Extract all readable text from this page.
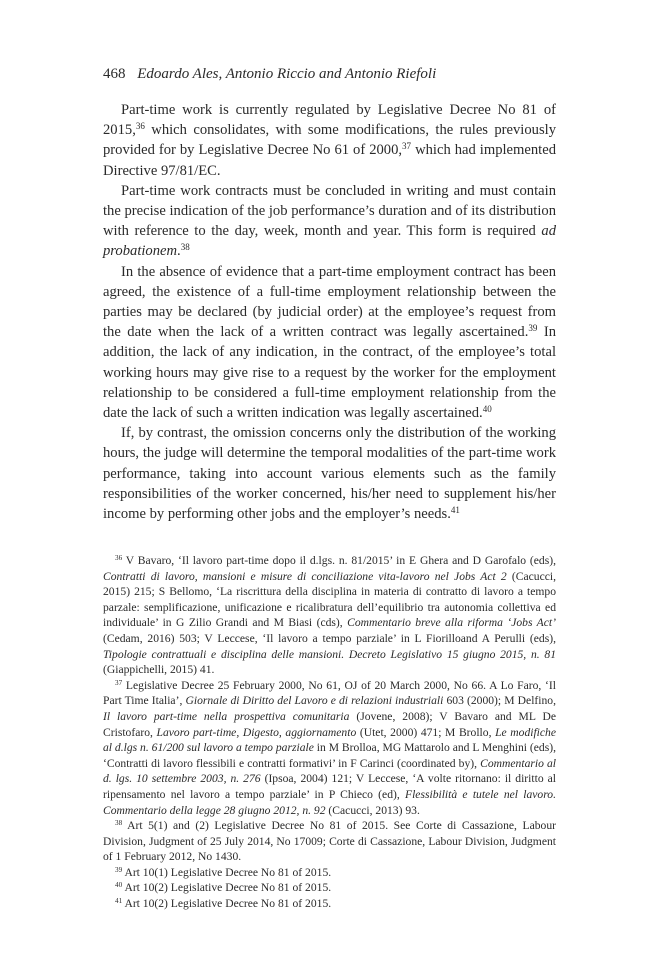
468 Edoardo Ales, Antonio Riccio and Antonio Riefoli

Part-time work is currently regulated by Legislative Decree No 81 of 2015,36 which consolidates, with some modifications, the rules previously provided for by Legislative Decree No 61 of 2000,37 which had implemented Directive 97/81/EC.

Part-time work contracts must be concluded in writing and must contain the precise indication of the job performance’s duration and of its distribution with reference to the day, week, month and year. This form is required ad probationem.$^{38}$

In the absence of evidence that a part-time employment contract has been agreed, the existence of a full-time employment relationship between the parties may be declared (by judicial order) at the employee’s request from the date when the lack of a written contract was legally ascertained.$^{39}$ In addition, the lack of any indication, in the contract, of the employee’s total working hours may give rise to a request by the worker for the employment relationship to be considered a full-time employment relationship from the date the lack of such a written indication was legally ascertained.$^{40}$

If, by contrast, the omission concerns only the distribution of the working hours, the judge will determine the temporal modalities of the part-time work performance, taking into account various elements such as the family responsibilities of the worker concerned, his/her need to supplement his/her income by performing other jobs and the employer’s needs.$^{41}$

$^{36}$ V Bavaro, ‘Il lavoro part-time dopo il d.lgs. n. 81/2015’ in E Ghera and D Garofalo (eds), Contratti di lavoro, mansioni e misure di conciliazione vita-lavoro nel Jobs Act 2 (Cacucci, 2015) 215; S Bellomo, ‘La riscrittura della disciplina in materia di contratto di lavoro a tempo parzale: semplificazione, unificazione e ricalibratura dell’equilibrio tra autonomia collettiva ed individuale’ in G Zilio Grandi and M Biasi (cds), Commentario breve alla riforma ‘Jobs Act’ (Cedam, 2016) 503; V Leccese, ‘Il lavoro a tempo parziale’ in L Fiorilloand A Perulli (eds), Tipologie contrattuali e disciplina delle mansioni. Decreto Legislativo 15 giugno 2015, n. 81 (Giappichelli, 2015) 41.

$^{37}$ Legislative Decree 25 February 2000, No 61, OJ of 20 March 2000, No 66. A Lo Faro, ‘Il Part Time Italia’, Giornale di Diritto del Lavoro e di relazioni industriali 603 (2000); M Delfino, Il lavoro part-time nella prospettiva comunitaria (Jovene, 2008); V Bavaro and ML De Cristofaro, Lavoro part-time, Digesto, aggiornamento (Utet, 2000) 471; M Brollo, Le modifiche al d.lgs n. 61/200 sul lavoro a tempo parziale in M Brolloa, MG Mattarolo and L Menghini (eds), ‘Contratti di lavoro flessibili e contratti formativi’ in F Carinci (coordinated by), Commentario al d. lgs. 10 settembre 2003, n. 276 (Ipsoa, 2004) 121; V Leccese, ‘A volte ritornano: il diritto al ripensamento nel lavoro a tempo parziale’ in P Chieco (ed), Flessibilità e tutele nel lavoro. Commentario della legge 28 giugno 2012, n. 92 (Cacucci, 2013) 93.

$^{38}$ Art 5(1) and (2) Legislative Decree No 81 of 2015. See Corte di Cassazione, Labour Division, Judgment of 25 July 2014, No 17009; Corte di Cassazione, Labour Division, Judgment of 1 February 2012, No 1430.

$^{39}$ Art 10(1) Legislative Decree No 81 of 2015.

$^{40}$ Art 10(2) Legislative Decree No 81 of 2015.

$^{41}$ Art 10(2) Legislative Decree No 81 of 2015.
